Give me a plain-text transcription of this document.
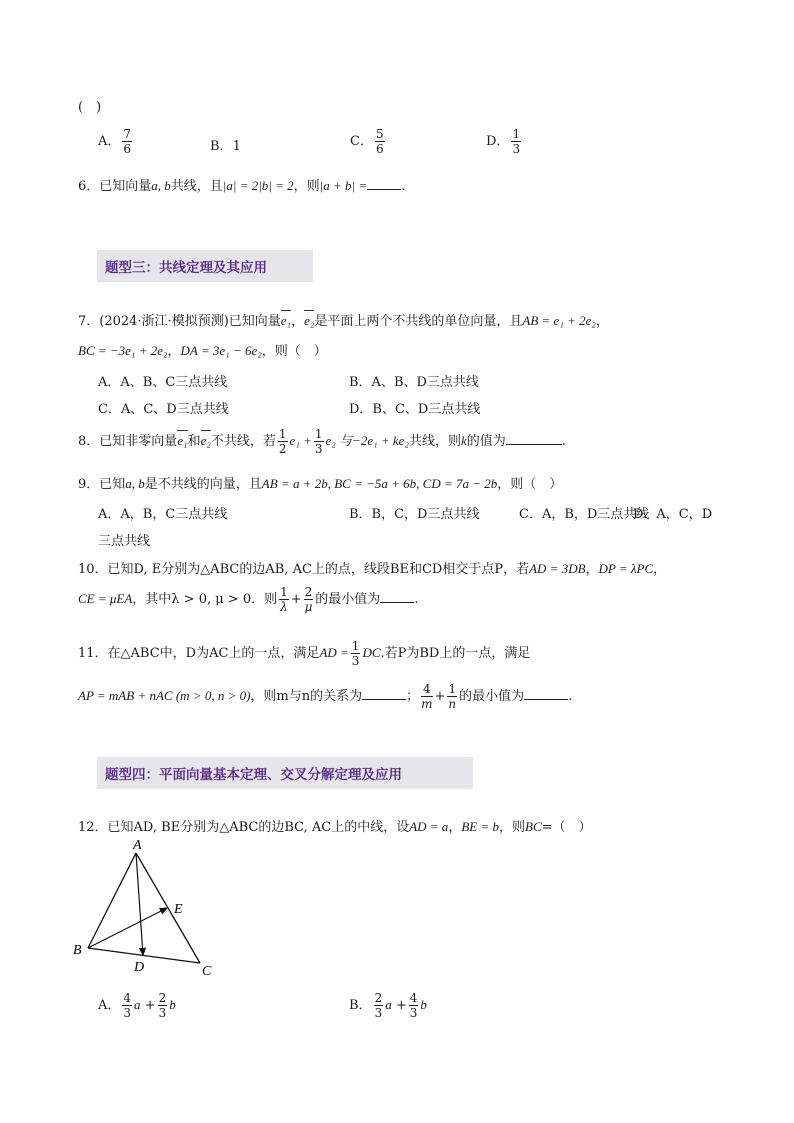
(　)
A． $\frac{7}{6}$	B．1	C． $\frac{5}{6}$	D． $\frac{1}{3}$
6．已知向量a, b共线，且|a| = 2|b| = 2，则|a + b| =	.
题型三：共线定理及其应用
7．(2024·浙江·模拟预测)已知向量e₁，e₂是平面上两个不共线的单位向量，且AB = e₁ + 2e₂，
BC = −3e₁ + 2e₂，DA = 3e₁ − 6e₂，则（　）
A．A、B、C三点共线	B．A、B、D三点共线
C．A、C、D三点共线	D．B、C、D三点共线
8．已知非零向量e₁和e₂不共线，若 $\frac{1}{2} e_1 + \frac{1}{3} e_2$ 与−2e₁ + ke₂共线，则k的值为	.
9．已知a, b是不共线的向量，且AB = a + 2b, BC = −5a + 6b, CD = 7a − 2b，则（　）
A．A，B，C三点共线	B．B，C，D三点共线	C．A，B，D三点共线
D．A，C，D
三点共线
10．已知D, E分别为△ABC的边AB, AC上的点，线段BE和CD相交于点P，若AD = 3DB，DP = λPC，
CE = μEA，其中λ > 0, μ > 0．则 $\frac{1}{\lambda} + \frac{2}{\mu}$ 的最小值为	.
11．在△ABC中，D为AC上的一点，满足AD = $\frac{1}{3}$ DC.若P为BD上的一点，满足
AP = mAB + nAC (m > 0, n > 0)，则m与n的关系为	； $\frac{4}{m} + \frac{1}{n}$ 的最小值为	.
题型四：平面向量基本定理、交叉分解定理及应用
12．已知AD, BE分别为△ABC的边BC, AC上的中线，设AD = a，BE = b，则BC=（　）
A
B
C
D
E
A． $\frac{4}{3}$ $a + \frac{2}{3}$ b	B． $\frac{2}{3}$ $a + \frac{4}{3}$ b
